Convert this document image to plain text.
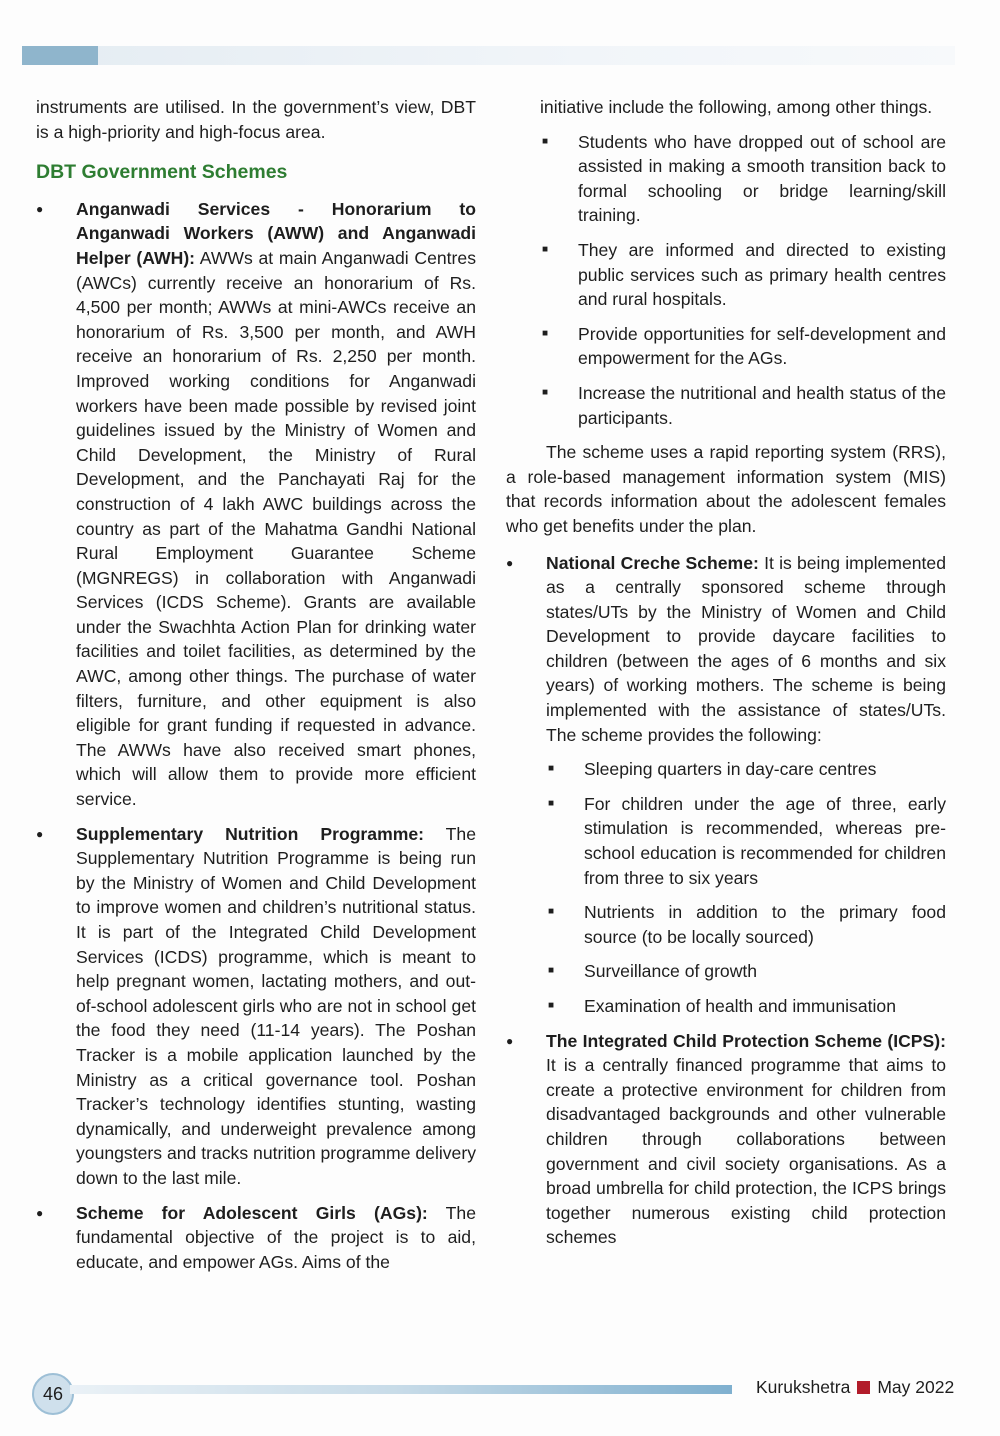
instruments are utilised. In the government’s view, DBT is a high-priority and high-focus area.

DBT Government Schemes
● Anganwadi Services - Honorarium to Anganwadi Workers (AWW) and Anganwadi Helper (AWH): AWWs at main Anganwadi Centres (AWCs) currently receive an honorarium of Rs. 4,500 per month; AWWs at mini-AWCs receive an honorarium of Rs. 3,500 per month, and AWH receive an honorarium of Rs. 2,250 per month. Improved working conditions for Anganwadi workers have been made possible by revised joint guidelines issued by the Ministry of Women and Child Development, the Ministry of Rural Development, and the Panchayati Raj for the construction of 4 lakh AWC buildings across the country as part of the Mahatma Gandhi National Rural Employment Guarantee Scheme (MGNREGS) in collaboration with Anganwadi Services (ICDS Scheme). Grants are available under the Swachhta Action Plan for drinking water facilities and toilet facilities, as determined by the AWC, among other things. The purchase of water filters, furniture, and other equipment is also eligible for grant funding if requested in advance. The AWWs have also received smart phones, which will allow them to provide more efficient service.
● Supplementary Nutrition Programme: The Supplementary Nutrition Programme is being run by the Ministry of Women and Child Development to improve women and children’s nutritional status. It is part of the Integrated Child Development Services (ICDS) programme, which is meant to help pregnant women, lactating mothers, and out-of-school adolescent girls who are not in school get the food they need (11-14 years). The Poshan Tracker is a mobile application launched by the Ministry as a critical governance tool. Poshan Tracker’s technology identifies stunting, wasting dynamically, and underweight prevalence among youngsters and tracks nutrition programme delivery down to the last mile.
● Scheme for Adolescent Girls (AGs): The fundamental objective of the project is to aid, educate, and empower AGs. Aims of the

initiative include the following, among other things.

■ Students who have dropped out of school are assisted in making a smooth transition back to formal schooling or bridge learning/skill training.
■ They are informed and directed to existing public services such as primary health centres and rural hospitals.
■ Provide opportunities for self-development and empowerment for the AGs.
■ Increase the nutritional and health status of the participants.

The scheme uses a rapid reporting system (RRS), a role-based management information system (MIS) that records information about the adolescent females who get benefits under the plan.

● National Creche Scheme: It is being implemented as a centrally sponsored scheme through states/UTs by the Ministry of Women and Child Development to provide daycare facilities to children (between the ages of 6 months and six years) of working mothers. The scheme is being implemented with the assistance of states/UTs. The scheme provides the following:
■ Sleeping quarters in day-care centres
■ For children under the age of three, early stimulation is recommended, whereas pre-school education is recommended for children from three to six years
■ Nutrients in addition to the primary food source (to be locally sourced)
■ Surveillance of growth
■ Examination of health and immunisation
● The Integrated Child Protection Scheme (ICPS): It is a centrally financed programme that aims to create a protective environment for children from disadvantaged backgrounds and other vulnerable children through collaborations between government and civil society organisations. As a broad umbrella for child protection, the ICPS brings together numerous existing child protection schemes
46	Kurukshetra May 2022
